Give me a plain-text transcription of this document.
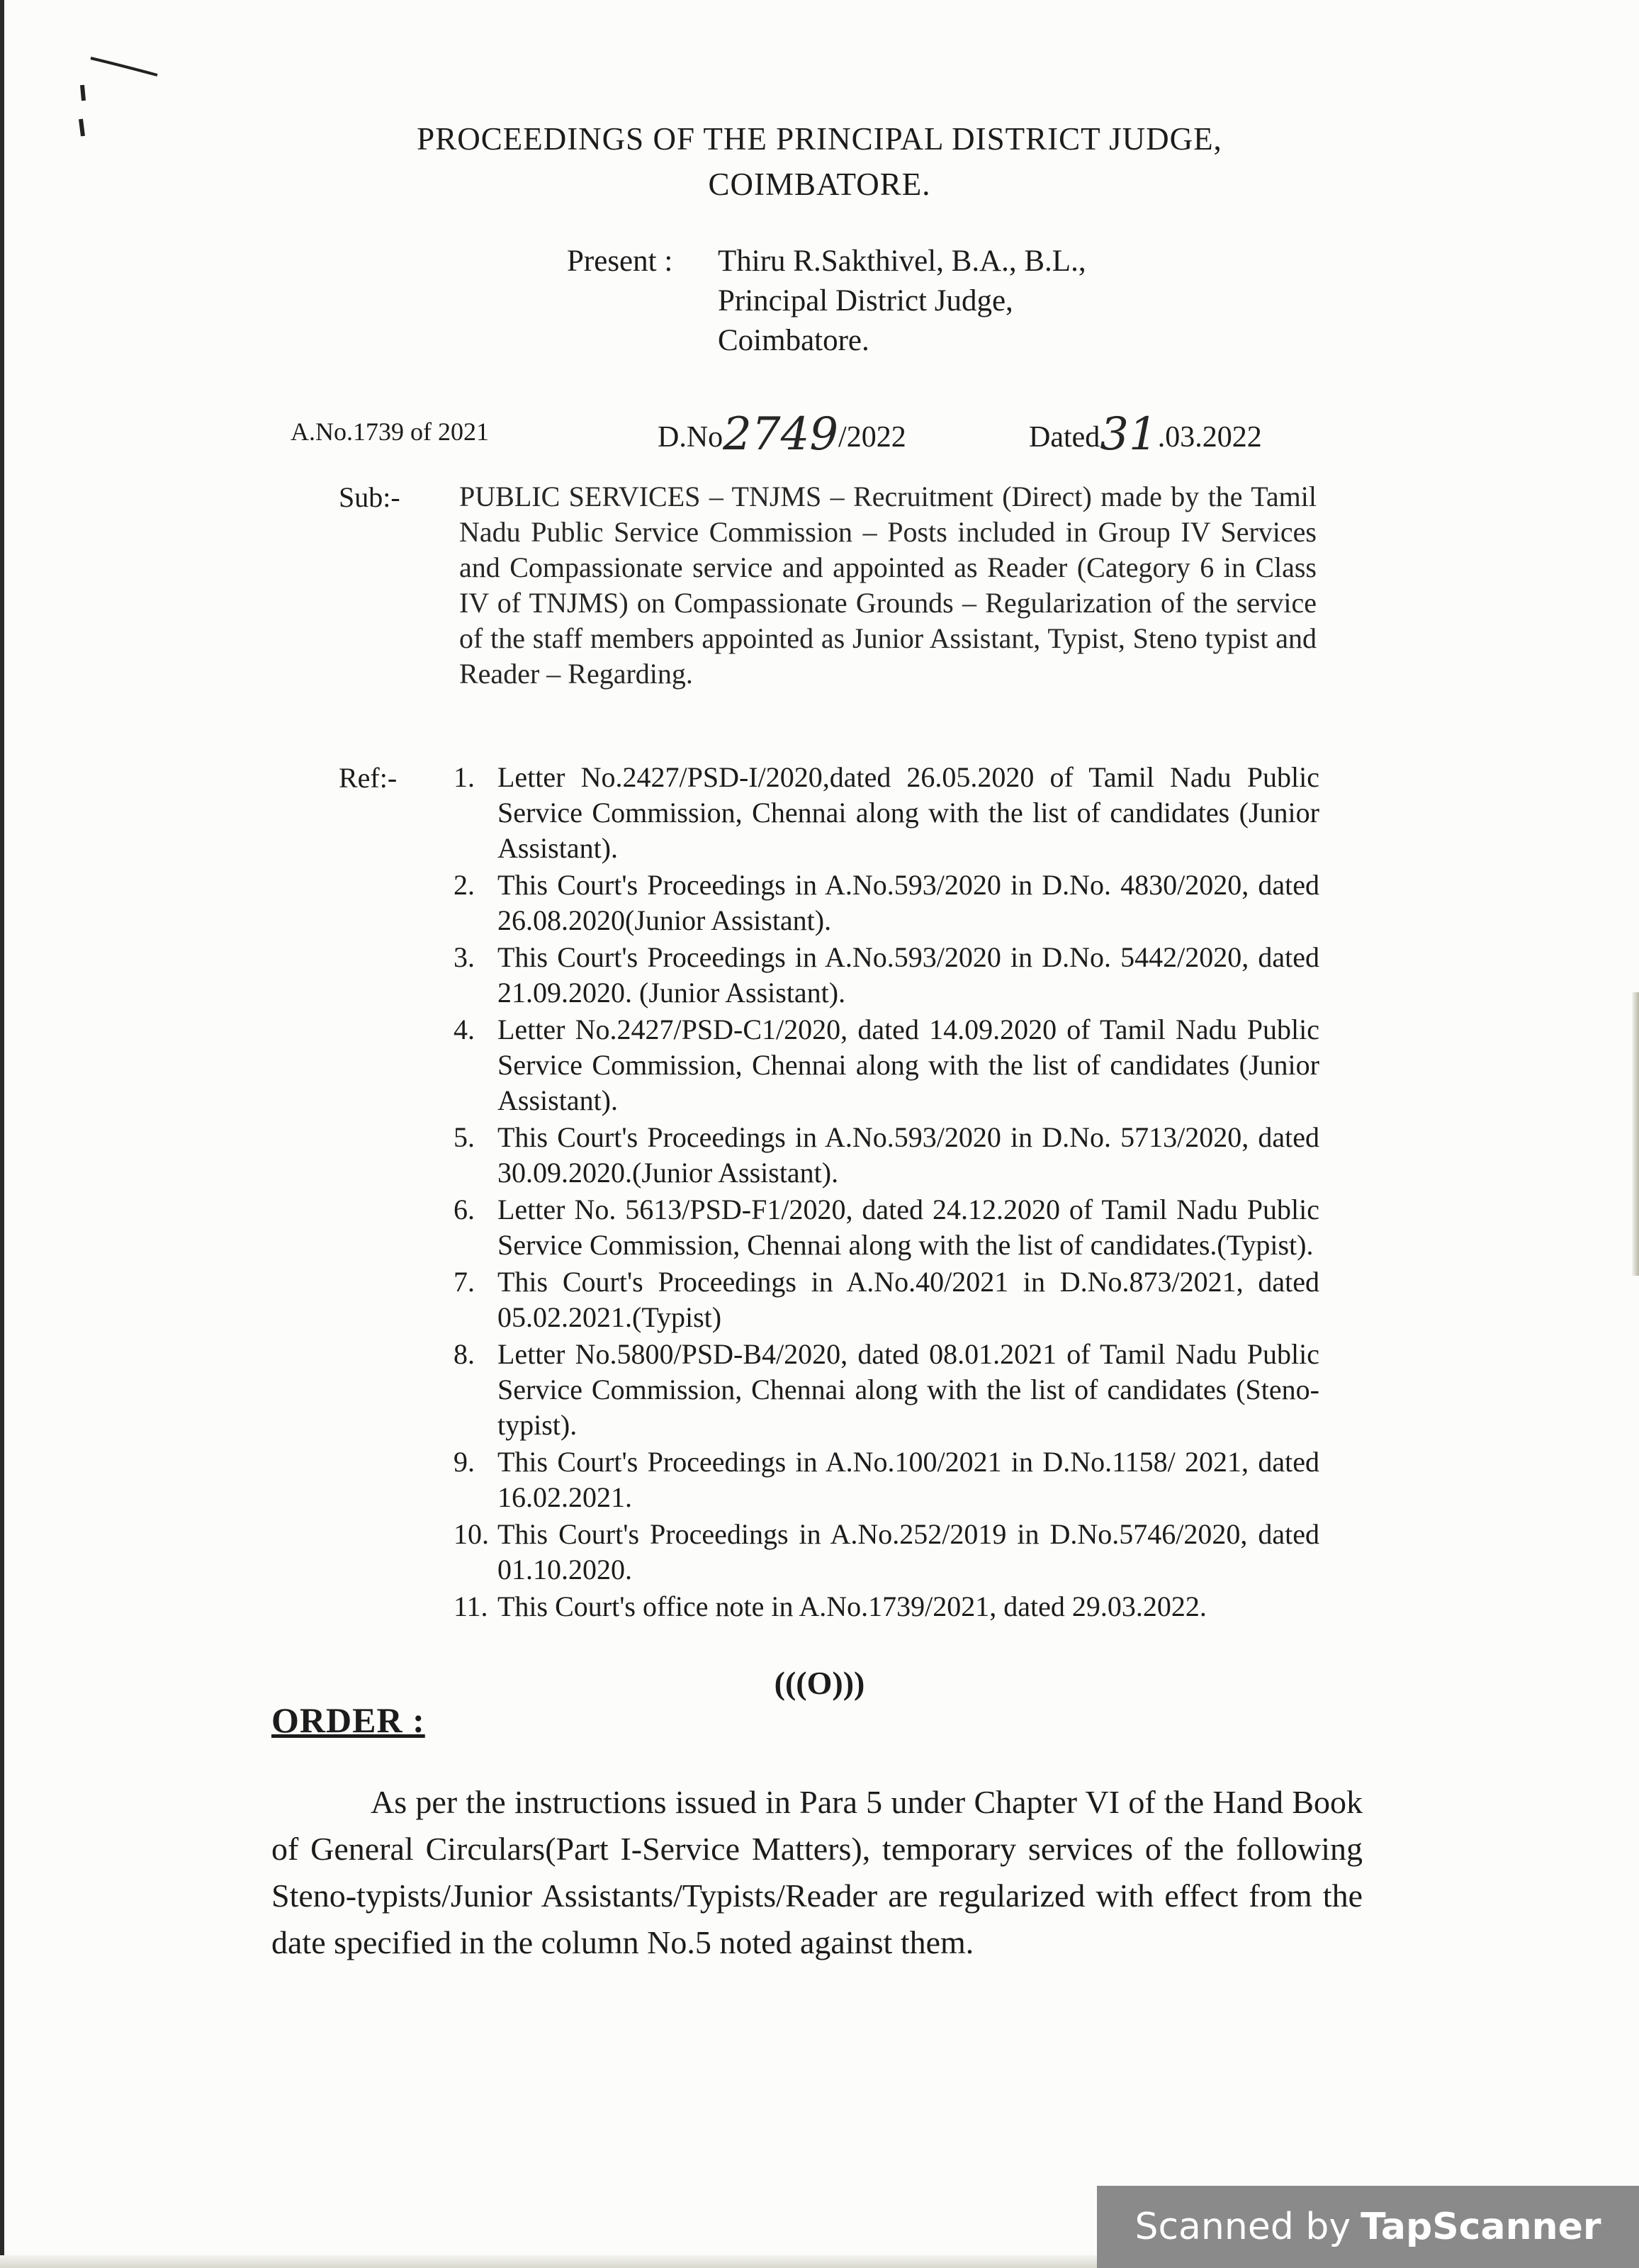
PROCEEDINGS OF THE PRINCIPAL DISTRICT JUDGE,
COIMBATORE.
Present : Thiru R.Sakthivel, B.A., B.L.,
Principal District Judge,
Coimbatore.
A.No.1739 of 2021	D.No2749/2022	Dated31.03.2022
Sub:- PUBLIC SERVICES – TNJMS – Recruitment (Direct) made by the Tamil Nadu Public Service Commission – Posts included in Group IV Services and Compassionate service and appointed as Reader (Category 6 in Class IV of TNJMS) on Compassionate Grounds – Regularization of the service of the staff members appointed as Junior Assistant, Typist, Steno typist and Reader – Regarding.
Ref:- 1. Letter No.2427/PSD-I/2020,dated 26.05.2020 of Tamil Nadu Public Service Commission, Chennai along with the list of candidates (Junior Assistant).
2. This Court's Proceedings in A.No.593/2020 in D.No. 4830/2020, dated 26.08.2020(Junior Assistant).
3. This Court's Proceedings in A.No.593/2020 in D.No. 5442/2020, dated 21.09.2020. (Junior Assistant).
4. Letter No.2427/PSD-C1/2020, dated 14.09.2020 of Tamil Nadu Public Service Commission, Chennai along with the list of candidates (Junior Assistant).
5. This Court's Proceedings in A.No.593/2020 in D.No. 5713/2020, dated 30.09.2020.(Junior Assistant).
6. Letter No. 5613/PSD-F1/2020, dated 24.12.2020 of Tamil Nadu Public Service Commission, Chennai along with the list of candidates.(Typist).
7. This Court's Proceedings in A.No.40/2021 in D.No.873/2021, dated 05.02.2021.(Typist)
8. Letter No.5800/PSD-B4/2020, dated 08.01.2021 of Tamil Nadu Public Service Commission, Chennai along with the list of candidates (Steno-typist).
9. This Court's Proceedings in A.No.100/2021 in D.No.1158/ 2021, dated 16.02.2021.
10. This Court's Proceedings in A.No.252/2019 in D.No.5746/2020, dated 01.10.2020.
11. This Court's office note in A.No.1739/2021, dated 29.03.2022.
(((O)))
ORDER :
As per the instructions issued in Para 5 under Chapter VI of the Hand Book of General Circulars(Part I-Service Matters), temporary services of the following Steno-typists/Junior Assistants/Typists/Reader are regularized with effect from the date specified in the column No.5 noted against them.
Scanned by TapScanner
